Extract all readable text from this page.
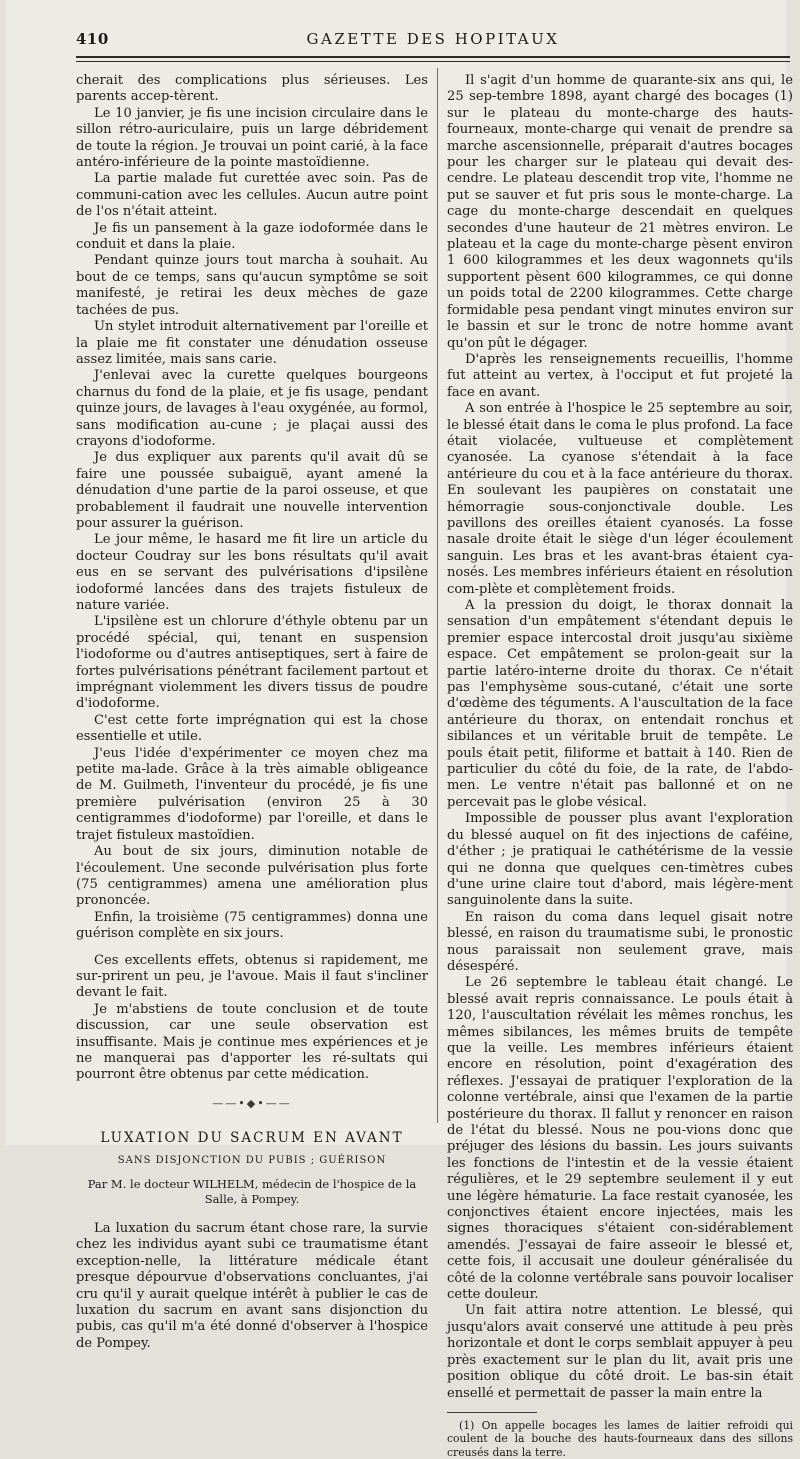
410	GAZETTE DES HOPITAUX

cherait des complications plus sérieuses. Les parents accep-tèrent.

Le 10 janvier, je fis une incision circulaire dans le sillon rétro-auriculaire, puis un large débridement de toute la région. Je trouvai un point carié, à la face antéro-inférieure de la pointe mastoïdienne.

La partie malade fut curettée avec soin. Pas de communi-cation avec les cellules. Aucun autre point de l'os n'était atteint.

Je fis un pansement à la gaze iodoformée dans le conduit et dans la plaie.

Pendant quinze jours tout marcha à souhait. Au bout de ce temps, sans qu'aucun symptôme se soit manifesté, je retirai les deux mèches de gaze tachées de pus.

Un stylet introduit alternativement par l'oreille et la plaie me fit constater une dénudation osseuse assez limitée, mais sans carie.

J'enlevai avec la curette quelques bourgeons charnus du fond de la plaie, et je fis usage, pendant quinze jours, de lavages à l'eau oxygénée, au formol, sans modification au-cune ; je plaçai aussi des crayons d'iodoforme.

Je dus expliquer aux parents qu'il avait dû se faire une poussée subaiguë, ayant amené la dénudation d'une partie de la paroi osseuse, et que probablement il faudrait une nouvelle intervention pour assurer la guérison.

Le jour même, le hasard me fit lire un article du docteur Coudray sur les bons résultats qu'il avait eus en se servant des pulvérisations d'ipsilène iodoformé lancées dans des trajets fistuleux de nature variée.

L'ipsilène est un chlorure d'éthyle obtenu par un procédé spécial, qui, tenant en suspension l'iodoforme ou d'autres antiseptiques, sert à faire de fortes pulvérisations pénétrant facilement partout et imprégnant violemment les divers tissus de poudre d'iodoforme.

C'est cette forte imprégnation qui est la chose essentielle et utile.

J'eus l'idée d'expérimenter ce moyen chez ma petite ma-lade. Grâce à la très aimable obligeance de M. Guilmeth, l'inventeur du procédé, je fis une première pulvérisation (environ 25 à 30 centigrammes d'iodoforme) par l'oreille, et dans le trajet fistuleux mastoïdien.

Au bout de six jours, diminution notable de l'écoulement. Une seconde pulvérisation plus forte (75 centigrammes) amena une amélioration plus prononcée.

Enfin, la troisième (75 centigrammes) donna une guérison complète en six jours.

Ces excellents effets, obtenus si rapidement, me sur-prirent un peu, je l'avoue. Mais il faut s'incliner devant le fait.

Je m'abstiens de toute conclusion et de toute discussion, car une seule observation est insuffisante. Mais je continue mes expériences et je ne manquerai pas d'apporter les ré-sultats qui pourront être obtenus par cette médication.

——•◆•——
LUXATION DU SACRUM EN AVANT
SANS DISJONCTION DU PUBIS ; GUÉRISON
Par M. le docteur WILHELM, médecin de l'hospice de la Salle, à Pompey.

La luxation du sacrum étant chose rare, la survie chez les individus ayant subi ce traumatisme étant exception-nelle, la littérature médicale étant presque dépourvue d'observations concluantes, j'ai cru qu'il y aurait quelque intérêt à publier le cas de luxation du sacrum en avant sans disjonction du pubis, cas qu'il m'a été donné d'observer à l'hospice de Pompey.

Il s'agit d'un homme de quarante-six ans qui, le 25 sep-tembre 1898, ayant chargé des bocages (1) sur le plateau du monte-charge des hauts-fourneaux, monte-charge qui venait de prendre sa marche ascensionnelle, préparait d'autres bocages pour les charger sur le plateau qui devait des-cendre. Le plateau descendit trop vite, l'homme ne put se sauver et fut pris sous le monte-charge. La cage du monte-charge descendait en quelques secondes d'une hauteur de 21 mètres environ. Le plateau et la cage du monte-charge pèsent environ 1 600 kilogrammes et les deux wagonnets qu'ils supportent pèsent 600 kilogrammes, ce qui donne un poids total de 2200 kilogrammes. Cette charge formidable pesa pendant vingt minutes environ sur le bassin et sur le tronc de notre homme avant qu'on pût le dégager.

D'après les renseignements recueillis, l'homme fut atteint au vertex, à l'occiput et fut projeté la face en avant.

A son entrée à l'hospice le 25 septembre au soir, le blessé était dans le coma le plus profond. La face était violacée, vultueuse et complètement cyanosée. La cyanose s'étendait à la face antérieure du cou et à la face antérieure du thorax. En soulevant les paupières on constatait une hémorragie sous-conjonctivale double. Les pavillons des oreilles étaient cyanosés. La fosse nasale droite était le siège d'un léger écoulement sanguin. Les bras et les avant-bras étaient cya-nosés. Les membres inférieurs étaient en résolution com-plète et complètement froids.

A la pression du doigt, le thorax donnait la sensation d'un empâtement s'étendant depuis le premier espace intercostal droit jusqu'au sixième espace. Cet empâtement se prolon-geait sur la partie latéro-interne droite du thorax. Ce n'était pas l'emphysème sous-cutané, c'était une sorte d'œdème des téguments. A l'auscultation de la face antérieure du thorax, on entendait ronchus et sibilances et un véritable bruit de tempête. Le pouls était petit, filiforme et battait à 140. Rien de particulier du côté du foie, de la rate, de l'abdo-men. Le ventre n'était pas ballonné et on ne percevait pas le globe vésical.

Impossible de pousser plus avant l'exploration du blessé auquel on fit des injections de caféine, d'éther ; je pratiquai le cathétérisme de la vessie qui ne donna que quelques cen-timètres cubes d'une urine claire tout d'abord, mais légère-ment sanguinolente dans la suite.

En raison du coma dans lequel gisait notre blessé, en raison du traumatisme subi, le pronostic nous paraissait non seulement grave, mais désespéré.

Le 26 septembre le tableau était changé. Le blessé avait repris connaissance. Le pouls était à 120, l'auscultation révélait les mêmes ronchus, les mêmes sibilances, les mêmes bruits de tempête que la veille. Les membres inférieurs étaient encore en résolution, point d'exagération des réflexes. J'essayai de pratiquer l'exploration de la colonne vertébrale, ainsi que l'examen de la partie postérieure du thorax. Il fallut y renoncer en raison de l'état du blessé. Nous ne pou-vions donc que préjuger des lésions du bassin. Les jours suivants les fonctions de l'intestin et de la vessie étaient régulières, et le 29 septembre seulement il y eut une légère hématurie. La face restait cyanosée, les conjonctives étaient encore injectées, mais les signes thoraciques s'étaient con-sidérablement amendés. J'essayai de faire asseoir le blessé et, cette fois, il accusait une douleur généralisée du côté de la colonne vertébrale sans pouvoir localiser cette douleur.

Un fait attira notre attention. Le blessé, qui jusqu'alors avait conservé une attitude à peu près horizontale et dont le corps semblait appuyer à peu près exactement sur le plan du lit, avait pris une position oblique du côté droit. Le bas-sin était ensellé et permettait de passer la main entre la

(1) On appelle bocages les lames de laitier refroidi qui coulent de la bouche des hauts-fourneaux dans des sillons creusés dans la terre.
